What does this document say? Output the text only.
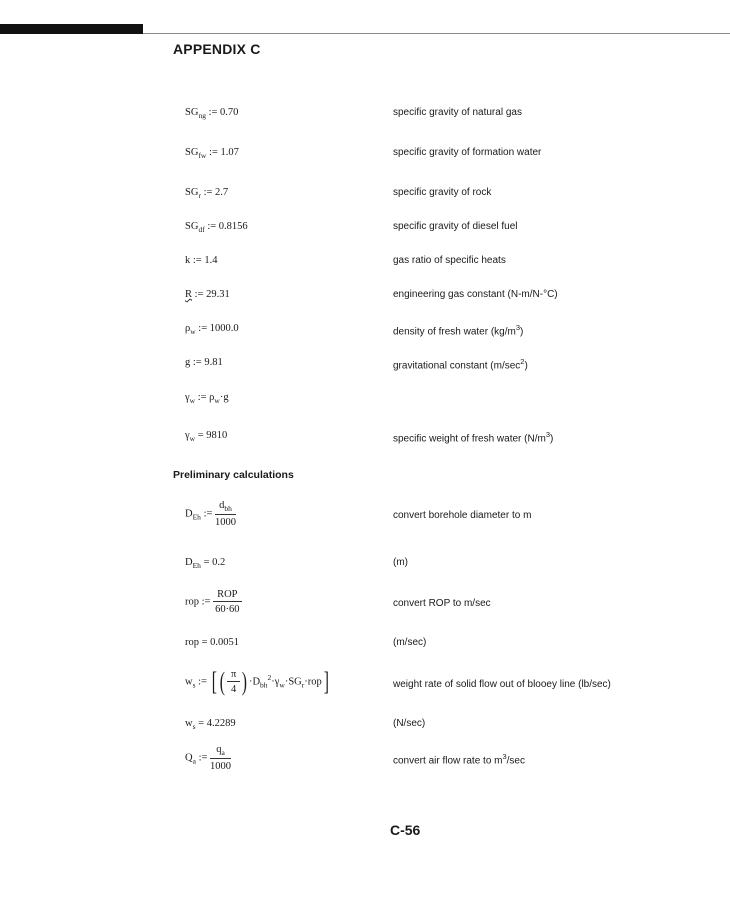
APPENDIX C
$SG_{ng}$ := 0.70	specific gravity of natural gas
$SG_{fw}$ := 1.07	specific gravity of formation water
$SG_r$ := 2.7	specific gravity of rock
$SG_{df}$ := 0.8156	specific gravity of diesel fuel
k := 1.4	gas ratio of specific heats
R := 29.31	engineering gas constant (N-m/N-°C)
$\rho_w$ := 1000.0	density of fresh water $(kg/m^3)$
g := 9.81	gravitational constant $(m/\sec^2)$
$\gamma_w$ := $\rho_w\cdot g$
$\gamma_w = 9810$	specific weight of fresh water $(N/m^3)$
Preliminary calculations
$D_{Eh}$ := $\frac{d_{bh}}{1000}$	convert borehole diameter to m
$D_{Eh} = 0.2$	(m)
rop := $\frac{\text{ROP}}{60\cdot 60}$	convert ROP to m/sec
rop = 0.0051	(m/sec)
$w_s$ := [ ( $\frac{\pi}{4}$ ) $\cdot D_{bh}^2\cdot\gamma_w\cdot SG_r\cdot rop$]	weight rate of solid flow out of blooey line (lb/sec)
$w_s = 4.2289$	(N/sec)
$Q_a$ := $\frac{q_a}{1000}$	convert air flow rate to $m^3/\sec$
C-56
